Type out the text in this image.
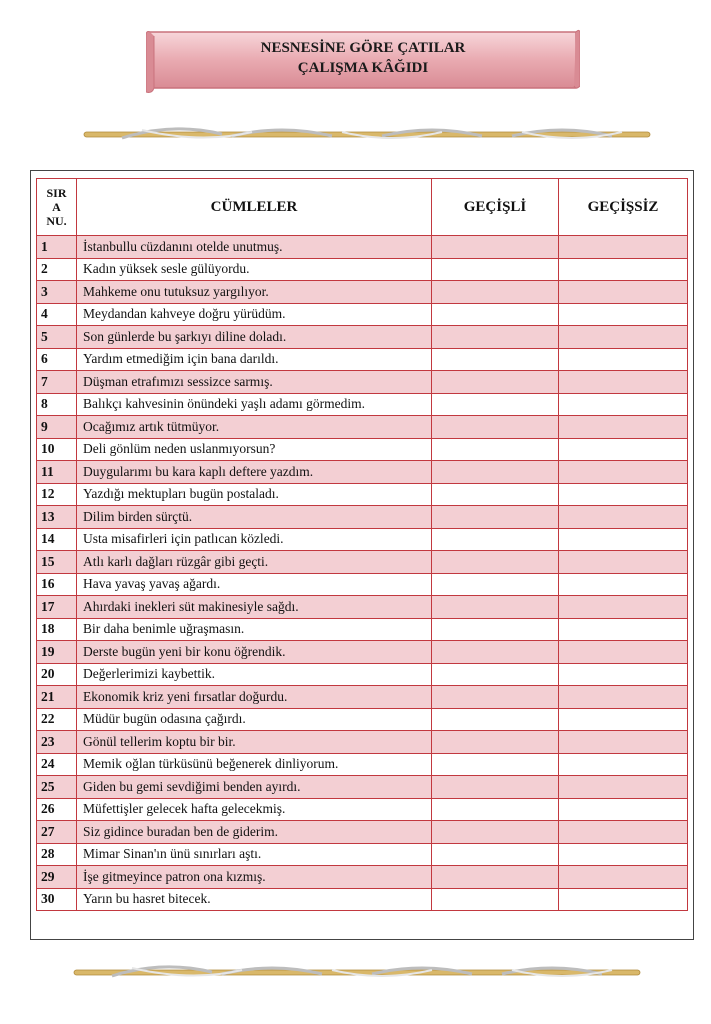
NESNESİNE GÖRE ÇATILAR
ÇALIŞMA KÂĞIDI
SIR
A
NU.	CÜMLELER	GEÇİŞLİ	GEÇİŞSİZ
1	İstanbullu cüzdanını otelde unutmuş.		
2	Kadın yüksek sesle gülüyordu.		
3	Mahkeme onu tutuksuz yargılıyor.		
4	Meydandan kahveye doğru yürüdüm.		
5	Son günlerde bu şarkıyı diline doladı.		
6	Yardım etmediğim için bana darıldı.		
7	Düşman etrafımızı sessizce sarmış.		
8	Balıkçı kahvesinin önündeki yaşlı adamı görmedim.		
9	Ocağımız artık tütmüyor.		
10	Deli gönlüm neden uslanmıyorsun?		
11	Duygularımı bu kara kaplı deftere yazdım.		
12	Yazdığı mektupları bugün postaladı.		
13	Dilim birden sürçtü.		
14	Usta misafirleri için patlıcan közledi.		
15	Atlı karlı dağları rüzgâr gibi geçti.		
16	Hava yavaş yavaş ağardı.		
17	Ahırdaki inekleri süt makinesiyle sağdı.		
18	Bir daha benimle uğraşmasın.		
19	Derste bugün yeni bir konu öğrendik.		
20	Değerlerimizi kaybettik.		
21	Ekonomik kriz yeni fırsatlar doğurdu.		
22	Müdür bugün odasına çağırdı.		
23	Gönül tellerim koptu bir bir.		
24	Memik oğlan türküsünü beğenerek dinliyorum.		
25	Giden bu gemi sevdiğimi benden ayırdı.		
26	Müfettişler gelecek hafta gelecekmiş.		
27	Siz gidince buradan ben de giderim.		
28	Mimar Sinan'ın ünü sınırları aştı.		
29	İşe gitmeyince patron ona kızmış.		
30	Yarın bu hasret bitecek.		
